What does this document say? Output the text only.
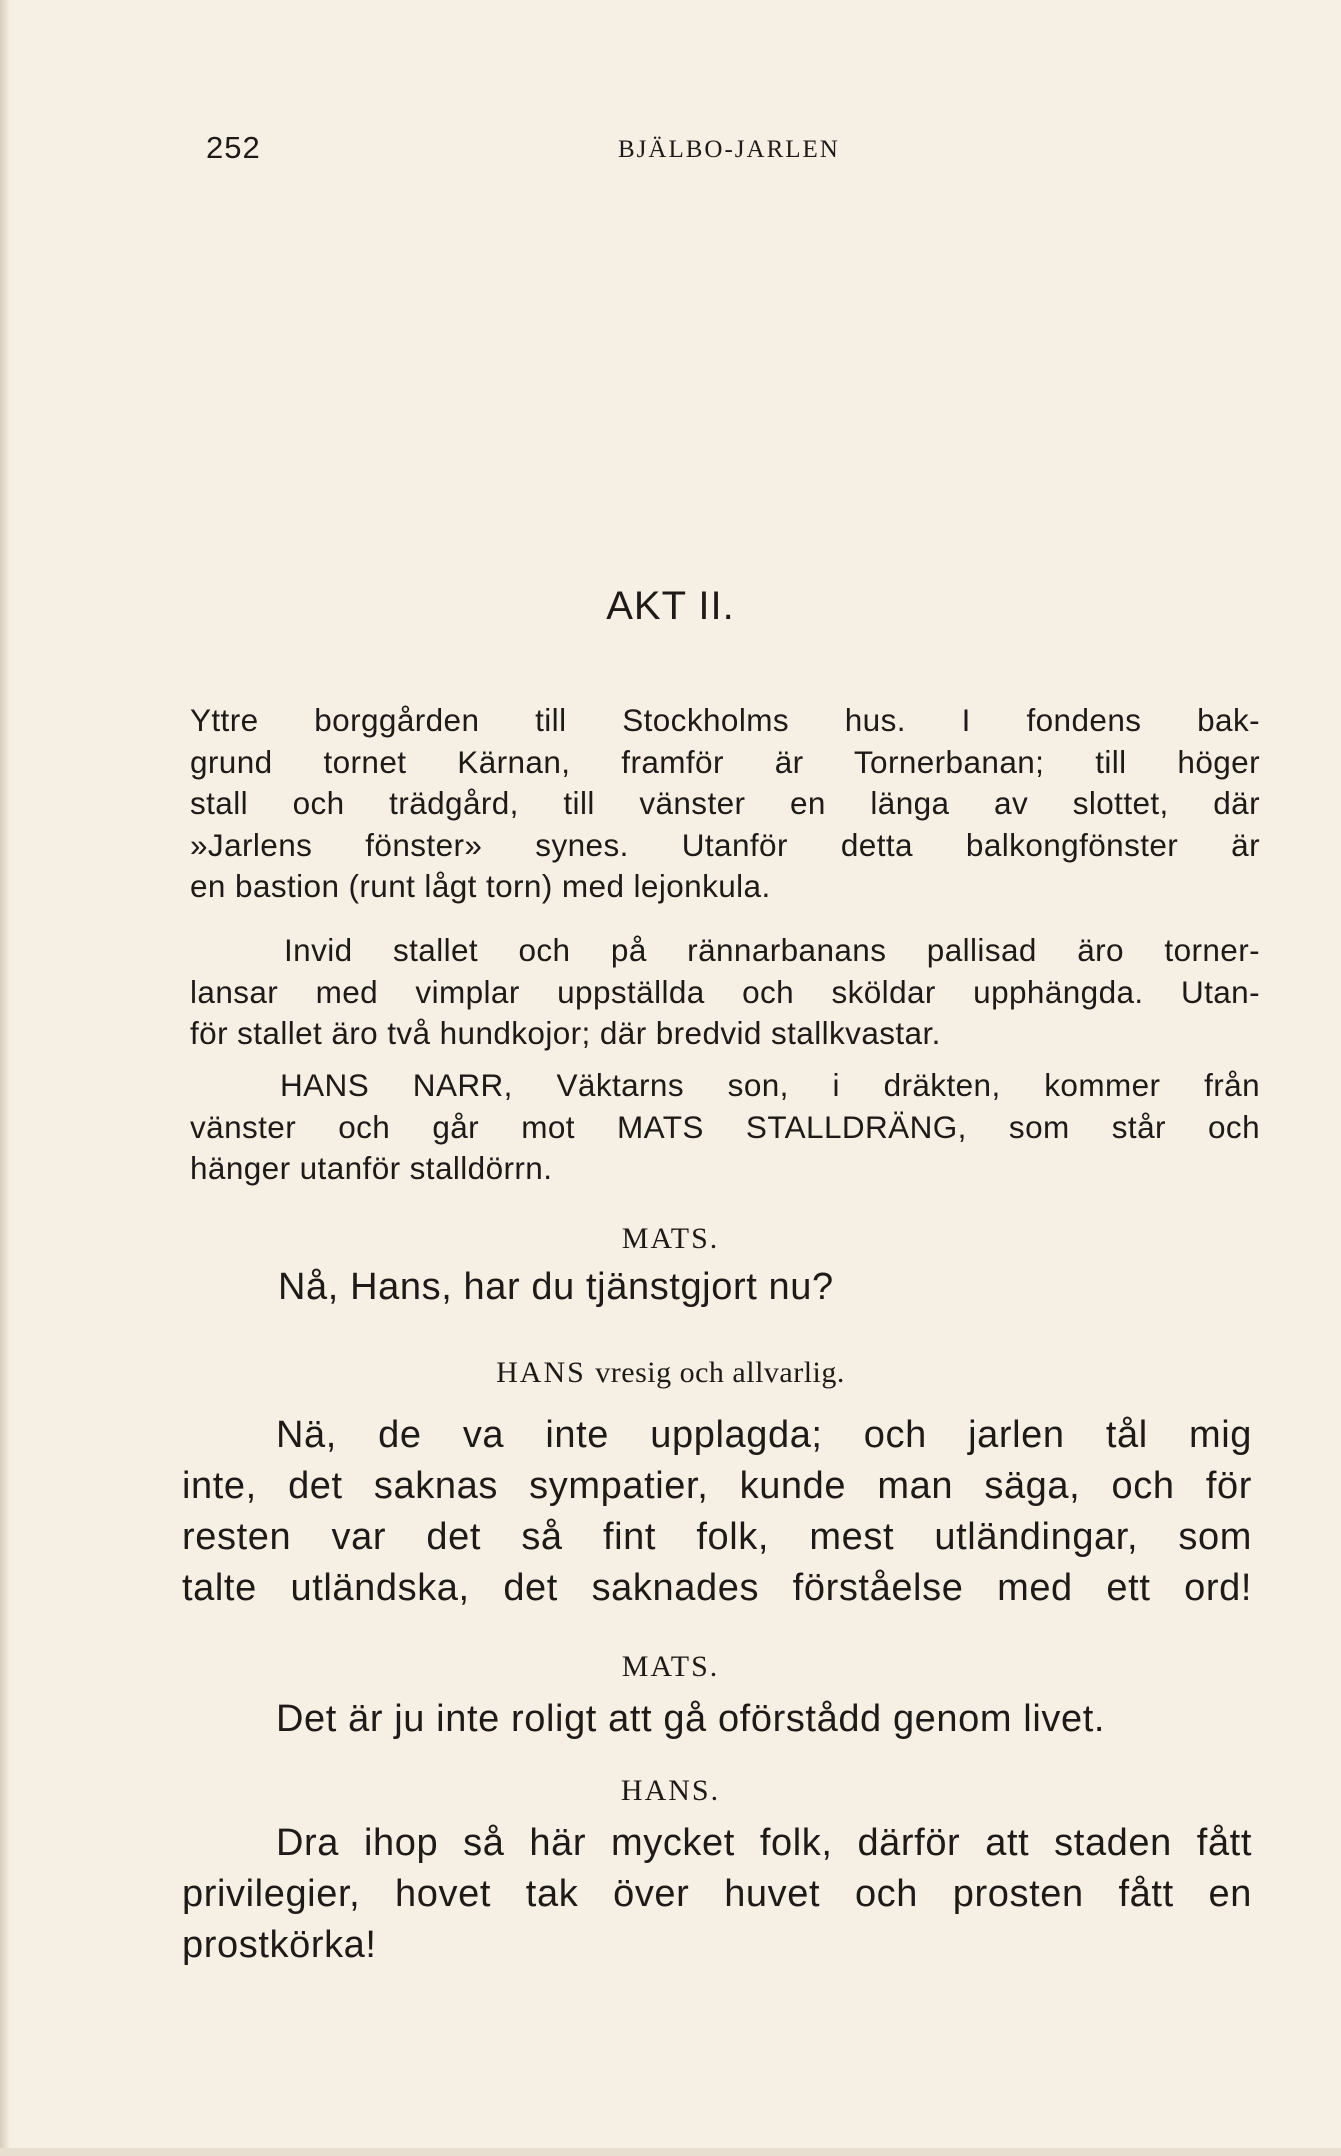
252	BJÄLBO-JARLEN
AKT II.
Yttre borggården till Stockholms hus. I fondens bak-
grund tornet Kärnan, framför är Tornerbanan; till höger
stall och trädgård, till vänster en länga av slottet, där
»Jarlens fönster» synes. Utanför detta balkongfönster är
en bastion (runt lågt torn) med lejonkula.
Invid stallet och på rännarbanans pallisad äro torner-
lansar med vimplar uppställda och sköldar upphängda. Utan-
för stallet äro två hundkojor; där bredvid stallkvastar.
HANS NARR, Väktarns son, i dräkten, kommer från
vänster och går mot MATS STALLDRÄNG, som står och
hänger utanför stalldörrn.
MATS.
Nå, Hans, har du tjänstgjort nu?
HANS vresig och allvarlig.
Nä, de va inte upplagda; och jarlen tål mig
inte, det saknas sympatier, kunde man säga, och för
resten var det så fint folk, mest utländingar, som
talte utländska, det saknades förståelse med ett ord!
MATS.
Det är ju inte roligt att gå oförstådd genom livet.
HANS.
Dra ihop så här mycket folk, därför att staden fått
privilegier, hovet tak över huvet och prosten fått en
prostkörka!
